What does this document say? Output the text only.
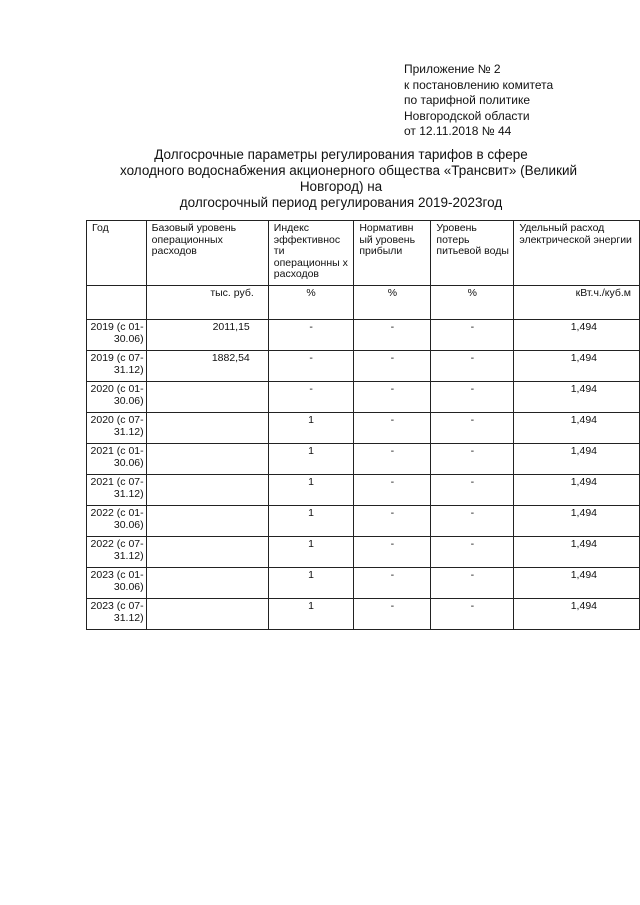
Приложение № 2
к постановлению комитета
по тарифной политике
Новгородской области
от 12.11.2018 № 44
Долгосрочные параметры регулирования тарифов в сфере
холодного водоснабжения акционерного общества «Трансвит» (Великий
Новгород) на
долгосрочный период регулирования 2019-2023год
Год	Базовый уровень операционных расходов	Индекс эффективнос ти операционны х расходов	Нормативн ый уровень прибыли	Уровень потерь питьевой воды	Удельный расход электрической энергии

	тыс. руб.	%	%	%	кВт.ч./куб.м
2019 (с 01-30.06)	2011,15	-	-	-	1,494
2019 (с 07-31.12)	1882,54	-	-	-	1,494
2020 (с 01-30.06)		-	-	-	1,494
2020 (с 07-31.12)		1	-	-	1,494
2021 (с 01-30.06)		1	-	-	1,494
2021 (с 07-31.12)		1	-	-	1,494
2022 (с 01-30.06)		1	-	-	1,494
2022 (с 07-31.12)		1	-	-	1,494
2023 (с 01-30.06)		1	-	-	1,494
2023 (с 07-31.12)		1	-	-	1,494
